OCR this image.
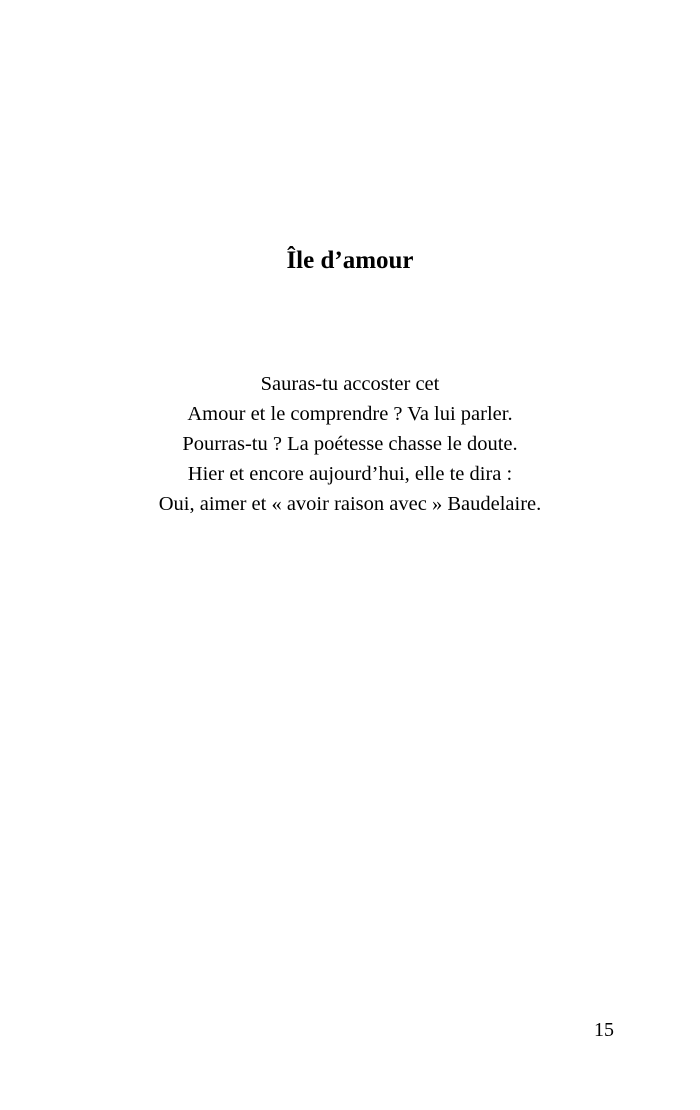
Île d’amour
Sauras-tu accoster cet
Amour et le comprendre ? Va lui parler.
Pourras-tu ? La poétesse chasse le doute.
Hier et encore aujourd’hui, elle te dira :
Oui, aimer et « avoir raison avec » Baudelaire.
15
